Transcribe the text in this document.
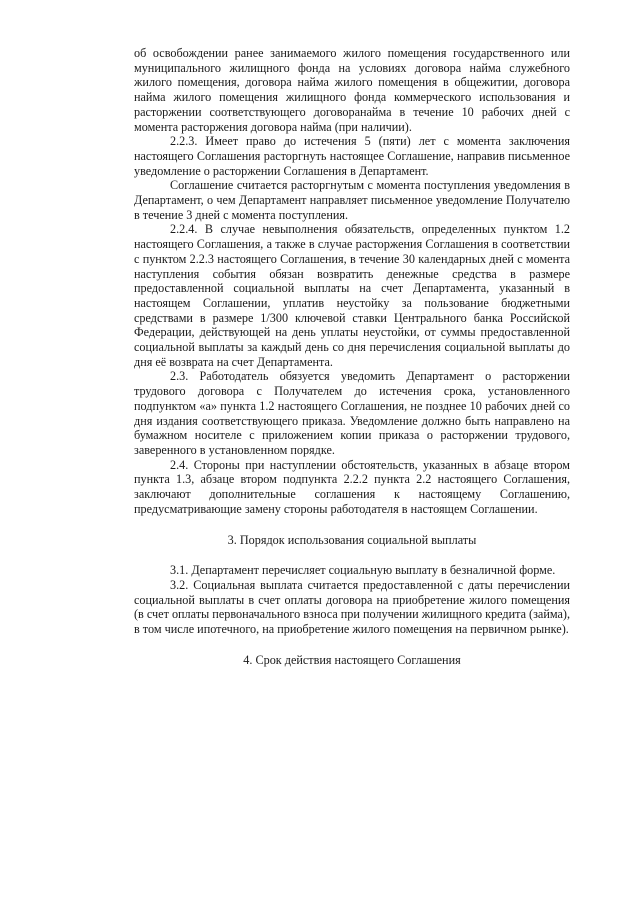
об освобождении ранее занимаемого жилого помещения государственного или муниципального жилищного фонда на условиях договора найма служебного жилого помещения, договора найма жилого помещения в общежитии, договора найма жилого помещения жилищного фонда коммерческого использования и расторжении соответствующего договоранайма в течение 10 рабочих дней с момента расторжения договора найма (при наличии).

2.2.3. Имеет право до истечения 5 (пяти) лет с момента заключения настоящего Соглашения расторгнуть настоящее Соглашение, направив письменное уведомление о расторжении Соглашения в Департамент.

Соглашение считается расторгнутым с момента поступления уведомления в Департамент, о чем Департамент направляет письменное уведомление Получателю в течение 3 дней с момента поступления.

2.2.4. В случае невыполнения обязательств, определенных пунктом 1.2 настоящего Соглашения, а также в случае расторжения Соглашения в соответствии с пунктом 2.2.3 настоящего Соглашения, в течение 30 календарных дней с момента наступления события обязан возвратить денежные средства в размере предоставленной социальной выплаты на счет Департамента, указанный в настоящем Соглашении, уплатив неустойку за пользование бюджетными средствами в размере 1/300 ключевой ставки Центрального банка Российской Федерации, действующей на день уплаты неустойки, от суммы предоставленной социальной выплаты за каждый день со дня перечисления социальной выплаты до дня её возврата на счет Департамента.

2.3. Работодатель обязуется уведомить Департамент о расторжении трудового договора с Получателем до истечения срока, установленного подпунктом «а» пункта 1.2 настоящего Соглашения, не позднее 10 рабочих дней со дня издания соответствующего приказа. Уведомление должно быть направлено на бумажном носителе с приложением копии приказа о расторжении трудового, заверенного в установленном порядке.

2.4. Стороны при наступлении обстоятельств, указанных в абзаце втором пункта 1.3, абзаце втором подпункта 2.2.2 пункта 2.2 настоящего Соглашения, заключают дополнительные соглашения к настоящему Соглашению, предусматривающие замену стороны работодателя в настоящем Соглашении.

3. Порядок использования социальной выплаты

3.1. Департамент перечисляет социальную выплату в безналичной форме.

3.2. Социальная выплата считается предоставленной с даты перечислении социальной выплаты в счет оплаты договора на приобретение жилого помещения (в счет оплаты первоначального взноса при получении жилищного кредита (займа), в том числе ипотечного, на приобретение жилого помещения на первичном рынке).

4. Срок действия настоящего Соглашения
